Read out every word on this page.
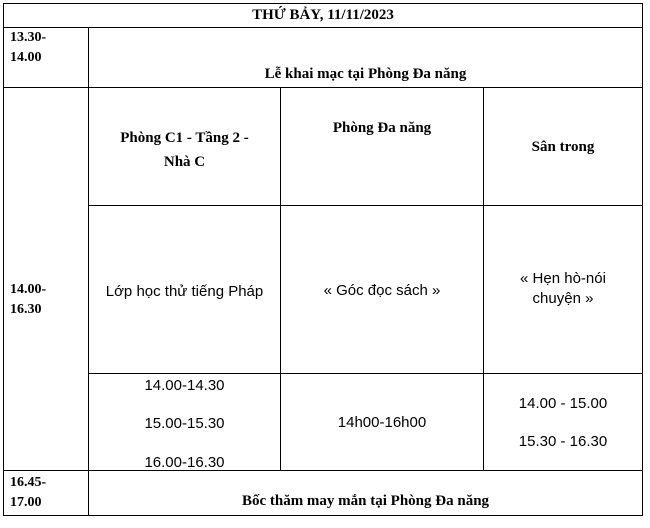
THỨ BẢY, 11/11/2023
13.30-
14.00
Lễ khai mạc tại Phòng Đa năng
14.00-
16.30
Phòng C1 - Tầng 2 -
Nhà C
Phòng Đa năng
Sân trong
Lớp học thử tiếng Pháp	« Góc đọc sách »
« Hẹn hò-nói
chuyện »
14.00-14.30
15.00-15.30
16.00-16.30
14h00-16h00
14.00 - 15.00
15.30 - 16.30
16.45-
17.00	Bốc thăm may mắn tại Phòng Đa năng
